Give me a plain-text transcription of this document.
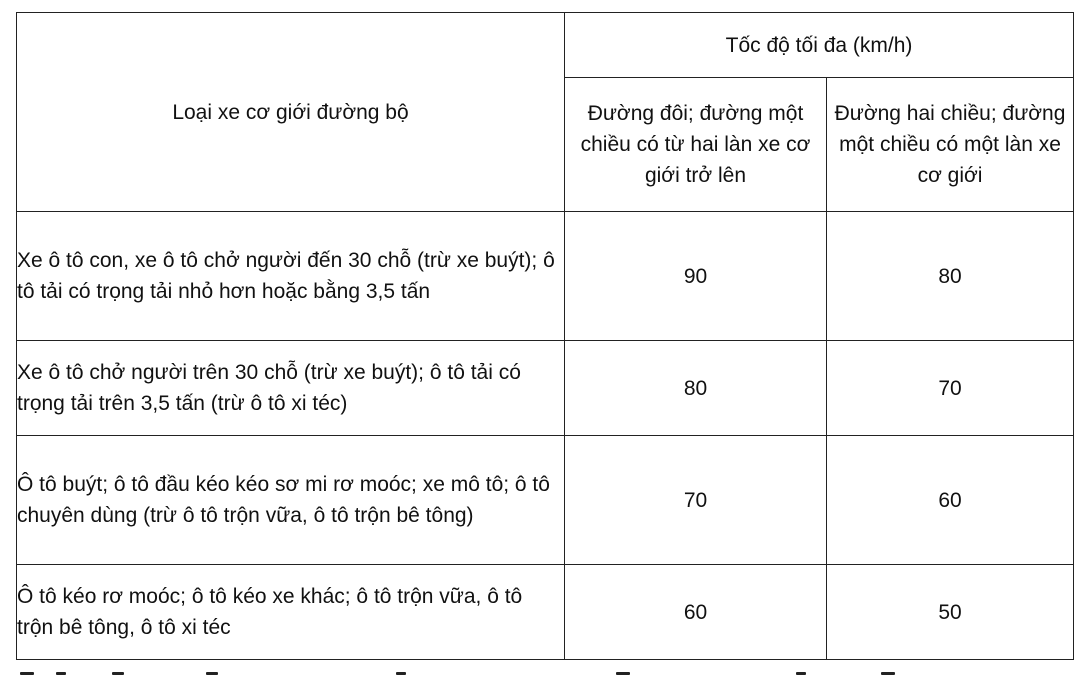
Loại xe cơ giới đường bộ	Tốc độ tối đa (km/h)	
	Đường đôi; đường một chiều có từ hai làn xe cơ giới trở lên	Đường hai chiều; đường một chiều có một làn xe cơ giới
Xe ô tô con, xe ô tô chở người đến 30 chỗ (trừ xe buýt); ô tô tải có trọng tải nhỏ hơn hoặc bằng 3,5 tấn	90	80
Xe ô tô chở người trên 30 chỗ (trừ xe buýt); ô tô tải có trọng tải trên 3,5 tấn (trừ ô tô xi téc)	80	70
Ô tô buýt; ô tô đầu kéo kéo sơ mi rơ moóc; xe mô tô; ô tô chuyên dùng (trừ ô tô trộn vữa, ô tô trộn bê tông)	70	60
Ô tô kéo rơ moóc; ô tô kéo xe khác; ô tô trộn vữa, ô tô trộn bê tông, ô tô xi téc	60	50
